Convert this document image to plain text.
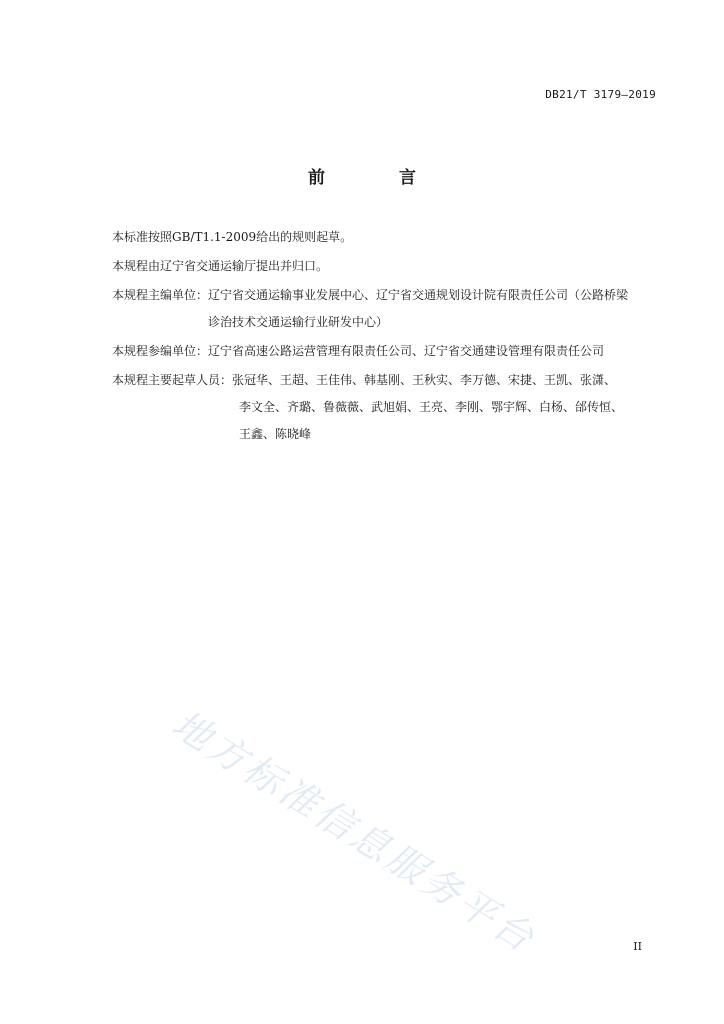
DB21/T 3179—2019
前 言

本标准按照GB/T1.1-2009给出的规则起草。

本规程由辽宁省交通运输厅提出并归口。

本规程主编单位：辽宁省交通运输事业发展中心、辽宁省交通规划设计院有限责任公司（公路桥梁

诊治技术交通运输行业研发中心）

本规程参编单位：辽宁省高速公路运营管理有限责任公司、辽宁省交通建设管理有限责任公司

本规程主要起草人员：张冠华、王超、王佳伟、韩基刚、王秋实、李万德、宋捷、王凯、张潇、

李文全、齐璐、鲁薇薇、武旭娟、王亮、李刚、鄂宇辉、白杨、邰传恒、

王鑫、陈晓峰

地方标准信息服务平台	II
